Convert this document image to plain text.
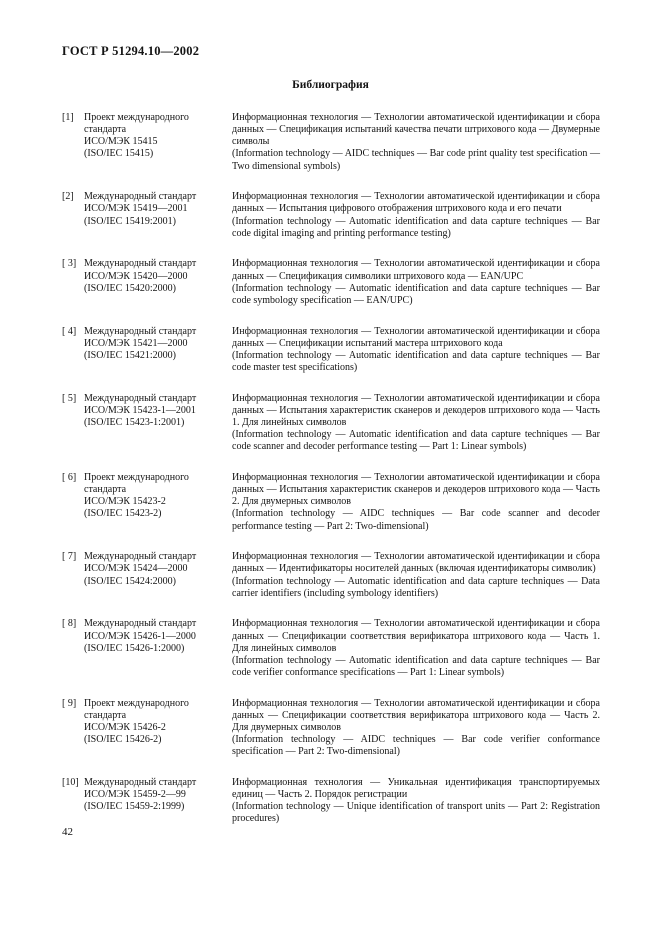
ГОСТ Р 51294.10—2002
Библиография
[1]	Проект международного
стандарта
ИСО/МЭК 15415
(ISO/IEC 15415)
Информационная технология — Технологии автоматической идентификации и сбора данных — Спецификация испытаний качества печати штрихового кода — Двумерные символы
(Information technology — AIDC techniques — Bar code print quality test specification — Two dimensional symbols)
[2]	Международный стандарт
ИСО/МЭК 15419—2001
(ISO/IEC 15419:2001)
Информационная технология — Технологии автоматической идентификации и сбора данных — Испытания цифрового отображения штрихового кода и его печати
(Information technology — Automatic identification and data capture techniques — Bar code digital imaging and printing performance testing)
[ 3] Международный стандарт
ИСО/МЭК 15420—2000
(ISO/IEC 15420:2000)
Информационная технология — Технологии автоматической идентификации и сбора данных — Спецификация символики штрихового кода — EAN/UPC
(Information technology — Automatic identification and data capture techniques — Bar code symbology specification — EAN/UPC)
[ 4] Международный стандарт
ИСО/МЭК 15421—2000
(ISO/IEC 15421:2000)
Информационная технология — Технологии автоматической идентификации и сбора данных — Спецификации испытаний мастера штрихового кода
(Information technology — Automatic identification and data capture techniques — Bar code master test specifications)
[ 5] Международный стандарт
ИСО/МЭК 15423-1—2001
(ISO/IEC 15423-1:2001)
Информационная технология — Технологии автоматической идентификации и сбора данных — Испытания характеристик сканеров и декодеров штрихового кода — Часть 1. Для линейных символов
(Information technology — Automatic identification and data capture techniques — Bar code scanner and decoder performance testing — Part 1: Linear symbols)
[ 6] Проект международного
стандарта
ИСО/МЭК 15423-2
(ISO/IEC 15423-2)
Информационная технология — Технологии автоматической идентификации и сбора данных — Испытания характеристик сканеров и декодеров штрихового кода — Часть 2. Для двумерных символов
(Information technology — AIDC techniques — Bar code scanner and decoder performance testing — Part 2: Two-dimensional)
[ 7] Международный стандарт
ИСО/МЭК 15424—2000
(ISO/IEC 15424:2000)
Информационная технология — Технологии автоматической идентификации и сбора данных — Идентификаторы носителей данных (включая идентификаторы символик)
(Information technology — Automatic identification and data capture techniques — Data carrier identifiers (including symbology identifiers)
[ 8] Международный стандарт
ИСО/МЭК 15426-1—2000
(ISO/IEC 15426-1:2000)
Информационная технология — Технологии автоматической идентификации и сбора данных — Спецификации соответствия верификатора штрихового кода — Часть 1. Для линейных символов
(Information technology — Automatic identification and data capture techniques — Bar code verifier conformance specifications — Part 1: Linear symbols)
[ 9] Проект международного
стандарта
ИСО/МЭК 15426-2
(ISO/IEC 15426-2)
Информационная технология — Технологии автоматической идентификации и сбора данных — Спецификации соответствия верификатора штрихового кода — Часть 2. Для двумерных символов
(Information technology — AIDC techniques — Bar code verifier conformance specification — Part 2: Two-dimensional)
[10] Международный стандарт
ИСО/МЭК 15459-2—99
(ISO/IEC 15459-2:1999)
Информационная технология — Уникальная идентификация транспортируемых единиц — Часть 2. Порядок регистрации
(Information technology — Unique identification of transport units — Part 2: Registration procedures)
42
